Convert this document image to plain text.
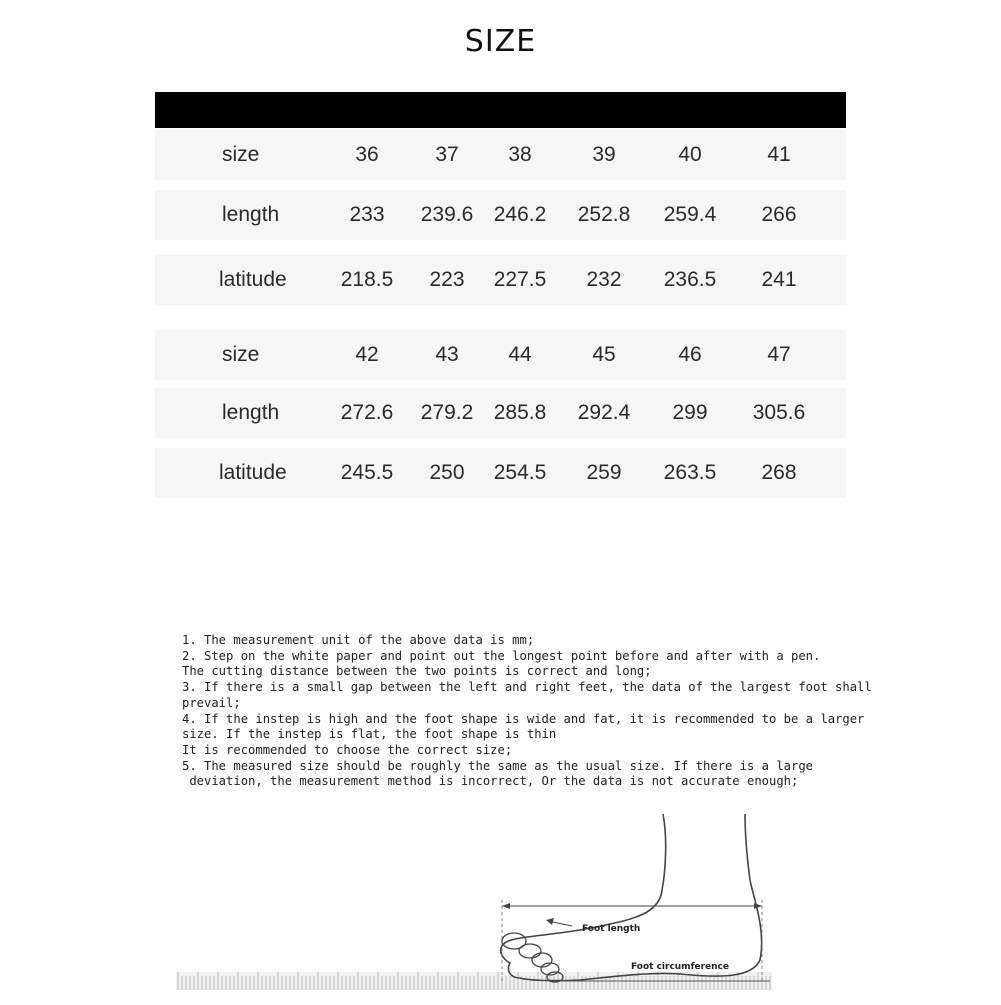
SIZE
size	36	37 38	39	40	41
length	233 239.6 246.2 252.8 259.4 266
latitude	218.5 223 227.5 232 236.5 241
size	42	43 44	45	46	47
length	272.6 279.2 285.8 292.4 299 305.6
latitude	245.5 250 254.5 259 263.5 268
1. The measurement unit of the above data is mm;
2. Step on the white paper and point out the longest point before and after with a pen.
The cutting distance between the two points is correct and long;
3. If there is a small gap between the left and right feet, the data of the largest foot shall
prevail;
4. If the instep is high and the foot shape is wide and fat, it is recommended to be a larger
size. If the instep is flat, the foot shape is thin
It is recommended to choose the correct size;
5. The measured size should be roughly the same as the usual size. If there is a large
deviation, the measurement method is incorrect, Or the data is not accurate enough;
Foot length
Foot circumference
